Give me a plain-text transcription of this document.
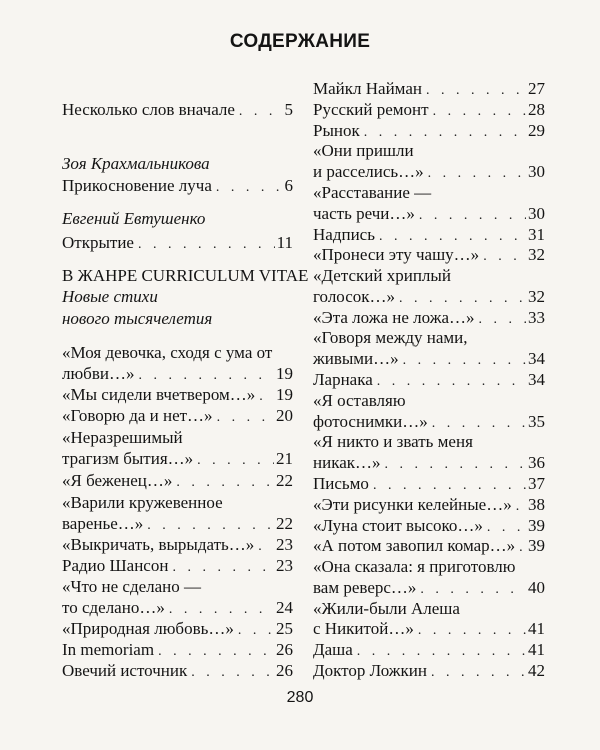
СОДЕРЖАНИЕ
Несколько слов вначале . . .	5
Зоя Крахмальникова
Прикосновение луча . . .	6
Евгений Евтушенко
Открытие . . .	11
В ЖАНРЕ CURRICULUM VITAE
Новые стихи
нового тысячелетия
«Моя девочка, сходя с ума от
любви…» . . .	19
«Мы сидели вчетвером…» . . . 19
«Говорю да и нет…» . . .	20
«Неразрешимый
трагизм бытия…» . . .	21
«Я беженец…» . . .	22
«Варили кружевенное
варенье…» . . .	22
«Выкричать, вырыдать…» . . . 23
Радио Шансон . . .	23
«Что не сделано —
то сделано…» . . .	24
«Природная любовь…» . . . 25
In memoriam . . .	26
Овечий источник . . .	26
Майкл Найман . . .	27
Русский ремонт . . .	28
Рынок . . .	29
«Они пришли
и расселись…» . . .	30
«Расставание —
часть речи…» . . .	30
Надпись . . .	31
«Пронеси эту чашу…» . . .	32
«Детский хриплый
голосок…» . . .	32
«Эта ложа не ложа…» . . .	33
«Говоря между нами,
живыми…» . . .	34
Ларнака . . .	34
«Я оставляю
фотоснимки…» . . .	35
«Я никто и звать меня
никак…» . . .	36
Письмо . . .	37
«Эти рисунки келейные…» . . . 38
«Луна стоит высоко…» . . .	39
«А потом завопил комар…» . . . 39
«Она сказала: я приготовлю
вам реверс…» . . .	40
«Жили-были Алеша
с Никитой…» . . .	41
Даша . . .	41
Доктор Ложкин . . .	42
280
